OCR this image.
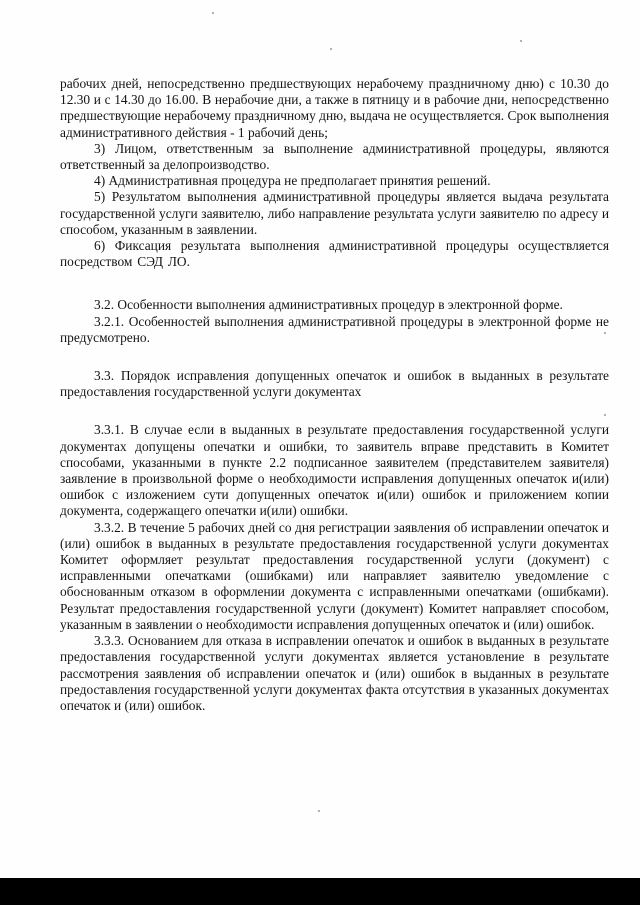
рабочих дней, непосредственно предшествующих нерабочему праздничному дню) с 10.30 до 12.30 и с 14.30 до 16.00. В нерабочие дни, а также в пятницу и в рабочие дни, непосредственно предшествующие нерабочему праздничному дню, выдача не осуществляется. Срок выполнения административного действия - 1 рабочий день;

3) Лицом, ответственным за выполнение административной процедуры, являются ответственный за делопроизводство.

4) Административная процедура не предполагает принятия решений.

5) Результатом выполнения административной процедуры является выдача результата государственной услуги заявителю, либо направление результата услуги заявителю по адресу и способом, указанным в заявлении.

6) Фиксация результата выполнения административной процедуры осуществляется посредством СЭД ЛО.

3.2. Особенности выполнения административных процедур в электронной форме.

3.2.1. Особенностей выполнения административной процедуры в электронной форме не предусмотрено.

3.3. Порядок исправления допущенных опечаток и ошибок в выданных в результате предоставления государственной услуги документах

3.3.1. В случае если в выданных в результате предоставления государственной услуги документах допущены опечатки и ошибки, то заявитель вправе представить в Комитет способами, указанными в пункте 2.2 подписанное заявителем (представителем заявителя) заявление в произвольной форме о необходимости исправления допущенных опечаток и(или) ошибок с изложением сути допущенных опечаток и(или) ошибок и приложением копии документа, содержащего опечатки и(или) ошибки.

3.3.2. В течение 5 рабочих дней со дня регистрации заявления об исправлении опечаток и (или) ошибок в выданных в результате предоставления государственной услуги документах Комитет оформляет результат предоставления государственной услуги (документ) с исправленными опечатками (ошибками) или направляет заявителю уведомление с обоснованным отказом в оформлении документа с исправленными опечатками (ошибками). Результат предоставления государственной услуги (документ) Комитет направляет способом, указанным в заявлении о необходимости исправления допущенных опечаток и (или) ошибок.

3.3.3. Основанием для отказа в исправлении опечаток и ошибок в выданных в результате предоставления государственной услуги документах является установление в результате рассмотрения заявления об исправлении опечаток и (или) ошибок в выданных в результате предоставления государственной услуги документах факта отсутствия в указанных документах опечаток и (или) ошибок.
